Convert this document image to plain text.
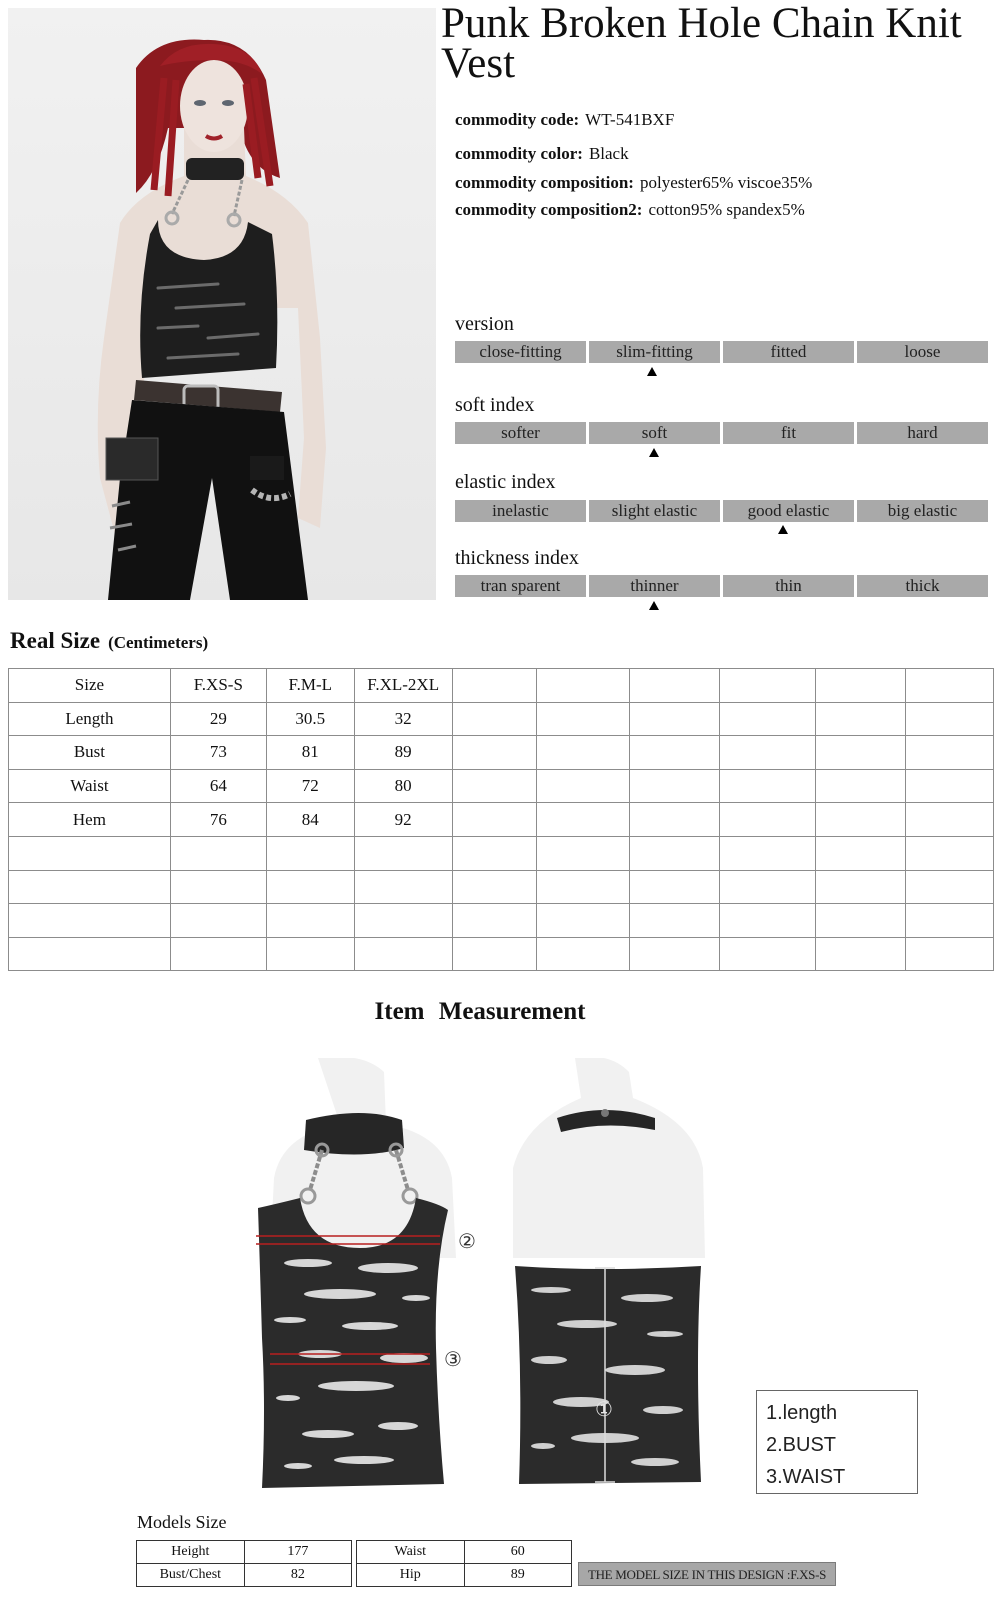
Punk Broken Hole Chain Knit Vest
commodity code: WT-541BXF
commodity color: Black
commodity composition: polyester65% viscoe35%
commodity composition2: cotton95% spandex5%
version
close-fitting	slim-fitting	fitted	loose
soft index
softer	soft	fit	hard
elastic index
inelastic	slight elastic	good elastic	big elastic
thickness index
tran sparent	thinner	thin	thick
Real Size (Centimeters)
Size	F.XS-S	F.M-L	F.XL-2XL						
Length	29	30.5	32						
Bust	73	81	89						
Waist	64	72	80						
Hem	76	84	92						

Item Measurement
②
③
①	1.length
2.BUST
3.WAIST
Models Size
Height	177
Bust/Chest	82
Waist	60
Hip	89	THE MODEL SIZE IN THIS DESIGN :F.XS-S
